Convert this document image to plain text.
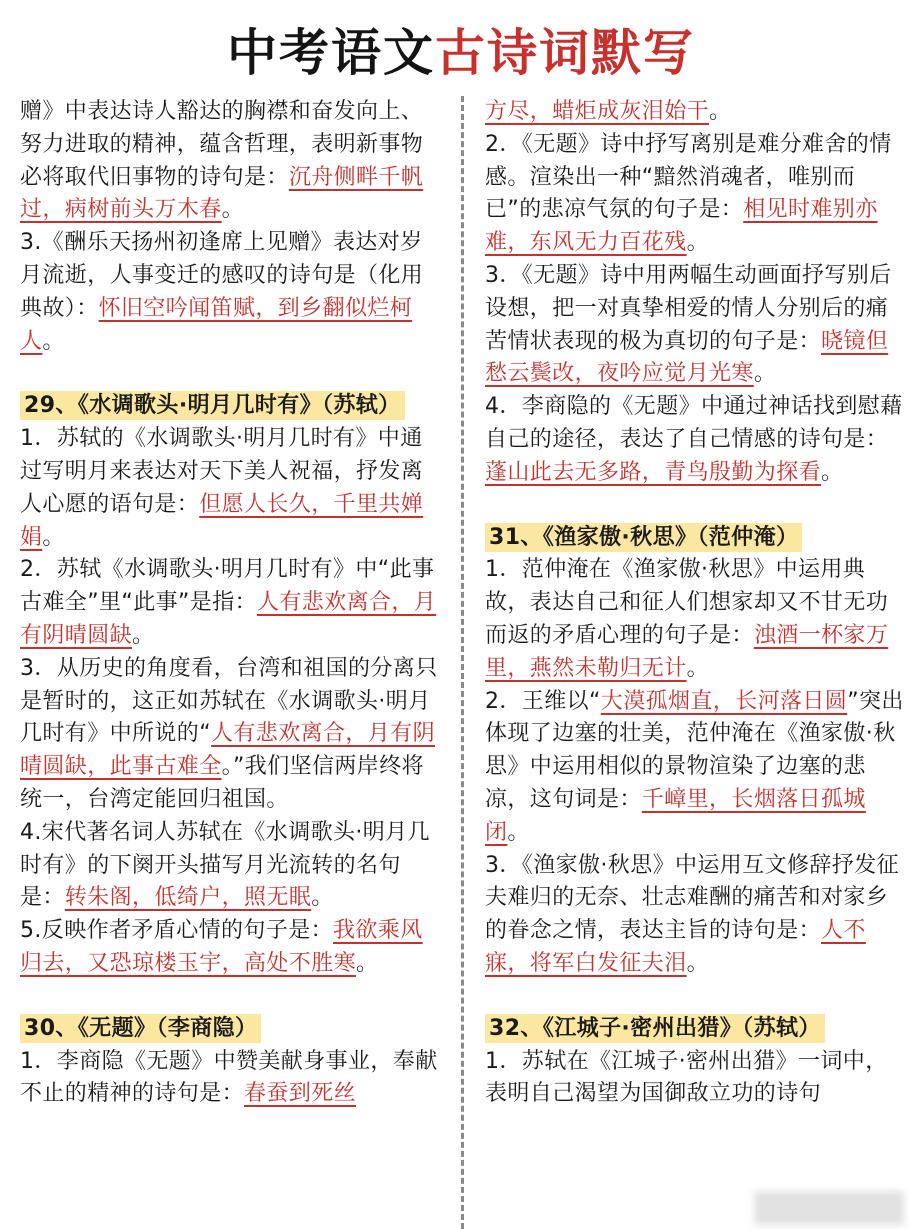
中考语文古诗词默写

赠》中表达诗人豁达的胸襟和奋发向上、努力进取的精神，蕴含哲理，表明新事物必将取代旧事物的诗句是：沉舟侧畔千帆过，病树前头万木春。

3.《酬乐天扬州初逢席上见赠》表达对岁月流逝，人事变迁的感叹的诗句是（化用典故）：怀旧空吟闻笛赋，到乡翻似烂柯人。

29、《水调歌头·明月几时有》（苏轼）

1．苏轼的《水调歌头·明月几时有》中通过写明月来表达对天下美人祝福，抒发离人心愿的语句是：但愿人长久，千里共婵娟。

2．苏轼《水调歌头·明月几时有》中“此事古难全”里“此事”是指：人有悲欢离合，月有阴晴圆缺。

3．从历史的角度看，台湾和祖国的分离只是暂时的，这正如苏轼在《水调歌头·明月几时有》中所说的“人有悲欢离合，月有阴晴圆缺，此事古难全。”我们坚信两岸终将统一，台湾定能回归祖国。

4.宋代著名词人苏轼在《水调歌头·明月几时有》的下阕开头描写月光流转的名句是：转朱阁，低绮户，照无眠。

5.反映作者矛盾心情的句子是：我欲乘风归去，又恐琼楼玉宇，高处不胜寒。

30、《无题》（李商隐）

1．李商隐《无题》中赞美献身事业，奉献不止的精神的诗句是：春蚕到死丝

方尽，蜡炬成灰泪始干。

2．《无题》诗中抒写离别是难分难舍的情感。渲染出一种“黯然消魂者，唯别而已”的悲凉气氛的句子是：相见时难别亦难，东风无力百花残。

3．《无题》诗中用两幅生动画面抒写别后设想，把一对真挚相爱的情人分别后的痛苦情状表现的极为真切的句子是：晓镜但愁云鬓改，夜吟应觉月光寒。

4．李商隐的《无题》中通过神话找到慰藉自己的途径，表达了自己情感的诗句是：蓬山此去无多路，青鸟殷勤为探看。

31、《渔家傲·秋思》（范仲淹）

1．范仲淹在《渔家傲·秋思》中运用典故，表达自己和征人们想家却又不甘无功而返的矛盾心理的句子是：浊酒一杯家万里，燕然未勒归无计。

2．王维以“大漠孤烟直，长河落日圆”突出体现了边塞的壮美，范仲淹在《渔家傲·秋思》中运用相似的景物渲染了边塞的悲凉，这句词是：千嶂里，长烟落日孤城闭。

3．《渔家傲·秋思》中运用互文修辞抒发征夫难归的无奈、壮志难酬的痛苦和对家乡的眷念之情，表达主旨的诗句是：人不寐，将军白发征夫泪。

32、《江城子·密州出猎》（苏轼）

1．苏轼在《江城子·密州出猎》一词中，表明自己渴望为国御敌立功的诗句
